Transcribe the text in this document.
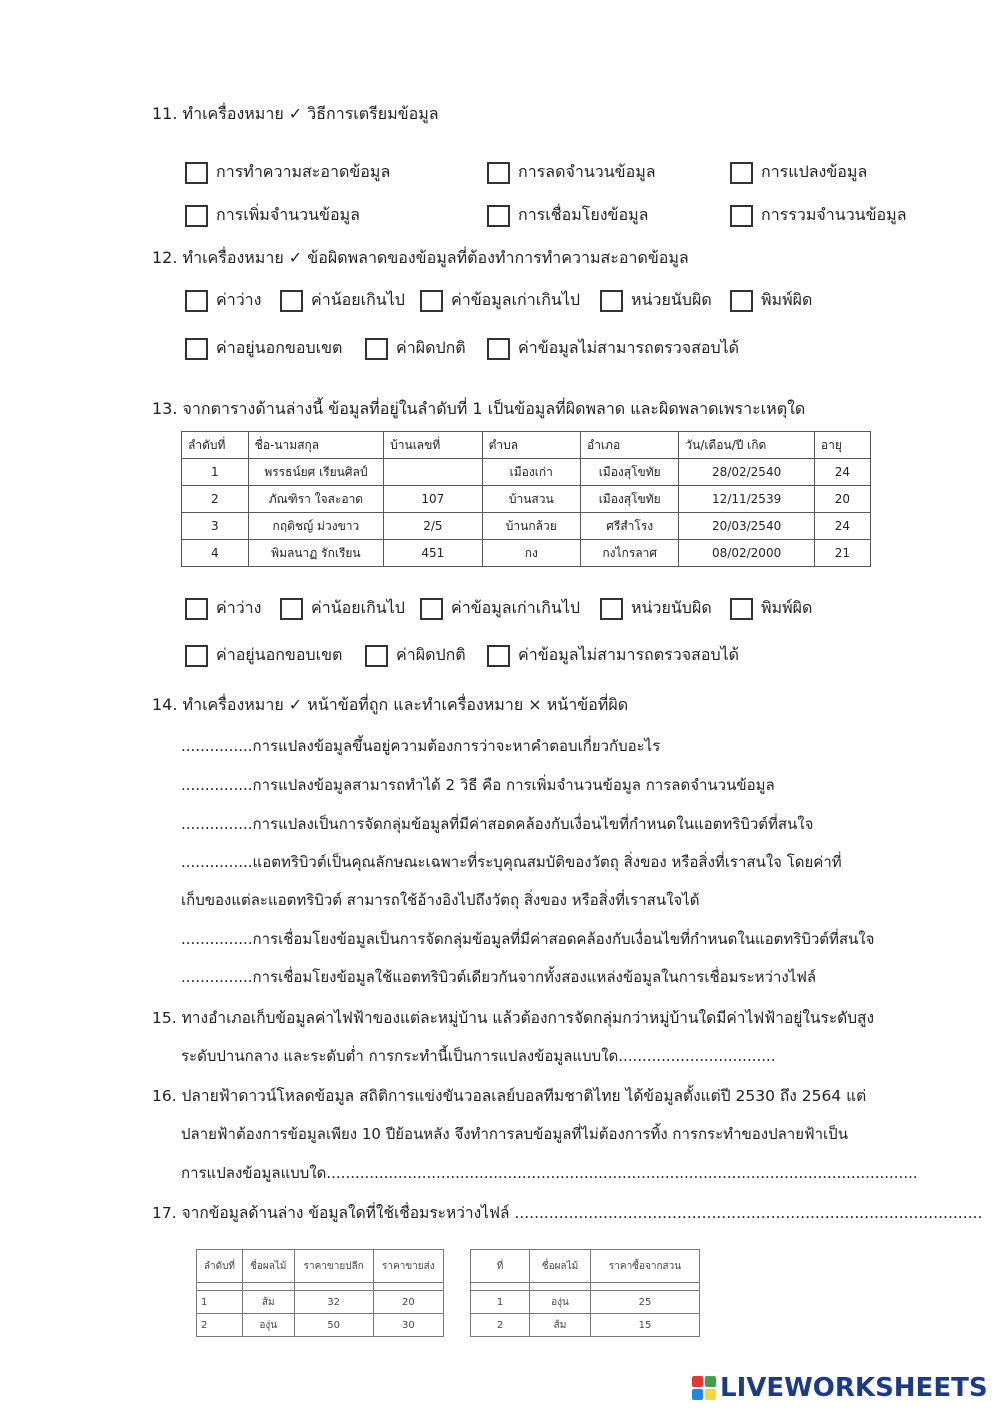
11. ทำเครื่องหมาย ✓ วิธีการเตรียมข้อมูล
การทำความสะอาดข้อมูล	การลดจำนวนข้อมูล	การแปลงข้อมูล
การเพิ่มจำนวนข้อมูล	การเชื่อมโยงข้อมูล	การรวมจำนวนข้อมูล
12. ทำเครื่องหมาย ✓ ข้อผิดพลาดของข้อมูลที่ต้องทำการทำความสะอาดข้อมูล
ค่าว่าง	ค่าน้อยเกินไป	ค่าข้อมูลเก่าเกินไป	หน่วยนับผิด	พิมพ์ผิด
ค่าอยู่นอกขอบเขต	ค่าผิดปกติ	ค่าข้อมูลไม่สามารถตรวจสอบได้
13. จากตารางด้านล่างนี้ ข้อมูลที่อยู่ในลำดับที่ 1 เป็นข้อมูลที่ผิดพลาด และผิดพลาดเพราะเหตุใด
ลำดับที่	ชื่อ-นามสกุล	บ้านเลขที่	ตำบล	อำเภอ	วัน/เดือน/ปี เกิด	อายุ
1	พรรธน์ยศ เรียนศิลป์		เมืองเก่า	เมืองสุโขทัย	28/02/2540	24
2	ภัณฑิรา ใจสะอาด	107	บ้านสวน	เมืองสุโขทัย	12/11/2539	20
3	กฤติชญ์ ม่วงขาว	2/5	บ้านกล้วย	ศรีสำโรง	20/03/2540	24
4	พิมลนาฏ รักเรียน	451	กง	กงไกรลาศ	08/02/2000	21
ค่าว่าง	ค่าน้อยเกินไป	ค่าข้อมูลเก่าเกินไป	หน่วยนับผิด	พิมพ์ผิด
ค่าอยู่นอกขอบเขต	ค่าผิดปกติ	ค่าข้อมูลไม่สามารถตรวจสอบได้
14. ทำเครื่องหมาย ✓ หน้าข้อที่ถูก และทำเครื่องหมาย × หน้าข้อที่ผิด
...............การแปลงข้อมูลขึ้นอยู่ความต้องการว่าจะหาคำตอบเกี่ยวกับอะไร
...............การแปลงข้อมูลสามารถทำได้ 2 วิธี คือ การเพิ่มจำนวนข้อมูล การลดจำนวนข้อมูล
...............การแปลงเป็นการจัดกลุ่มข้อมูลที่มีค่าสอดคล้องกับเงื่อนไขที่กำหนดในแอตทริบิวต์ที่สนใจ
...............แอตทริบิวต์เป็นคุณลักษณะเฉพาะที่ระบุคุณสมบัติของวัตถุ สิ่งของ หรือสิ่งที่เราสนใจ โดยค่าที่
เก็บของแต่ละแอตทริบิวต์ สามารถใช้อ้างอิงไปถึงวัตถุ สิ่งของ หรือสิ่งที่เราสนใจได้
...............การเชื่อมโยงข้อมูลเป็นการจัดกลุ่มข้อมูลที่มีค่าสอดคล้องกับเงื่อนไขที่กำหนดในแอตทริบิวต์ที่สนใจ
...............การเชื่อมโยงข้อมูลใช้แอตทริบิวต์เดียวกันจากทั้งสองแหล่งข้อมูลในการเชื่อมระหว่างไฟล์
15. ทางอำเภอเก็บข้อมูลค่าไฟฟ้าของแต่ละหมู่บ้าน แล้วต้องการจัดกลุ่มกว่าหมู่บ้านใดมีค่าไฟฟ้าอยู่ในระดับสูง
ระดับปานกลาง และระดับต่ำ การกระทำนี้เป็นการแปลงข้อมูลแบบใด.................................
16. ปลายฟ้าดาวน์โหลดข้อมูล สถิติการแข่งขันวอลเลย์บอลทีมชาติไทย ได้ข้อมูลตั้งแต่ปี 2530 ถึง 2564 แต่
ปลายฟ้าต้องการข้อมูลเพียง 10 ปีย้อนหลัง จึงทำการลบข้อมูลที่ไม่ต้องการทิ้ง การกระทำของปลายฟ้าเป็น
การแปลงข้อมูลแบบใด............................................................................................................................
17. จากข้อมูลด้านล่าง ข้อมูลใดที่ใช้เชื่อมระหว่างไฟล์ ...............................................................................................
ลำดับที่	ชื่อผลไม้	ราคาขายปลีก	ราคาขายส่ง

1	ส้ม	32	20
2	องุ่น	50	30
ที่	ชื่อผลไม้	ราคาซื้อจากสวน

1	องุ่น	25
2	ส้ม	15
LIVEWORKSHEETS
